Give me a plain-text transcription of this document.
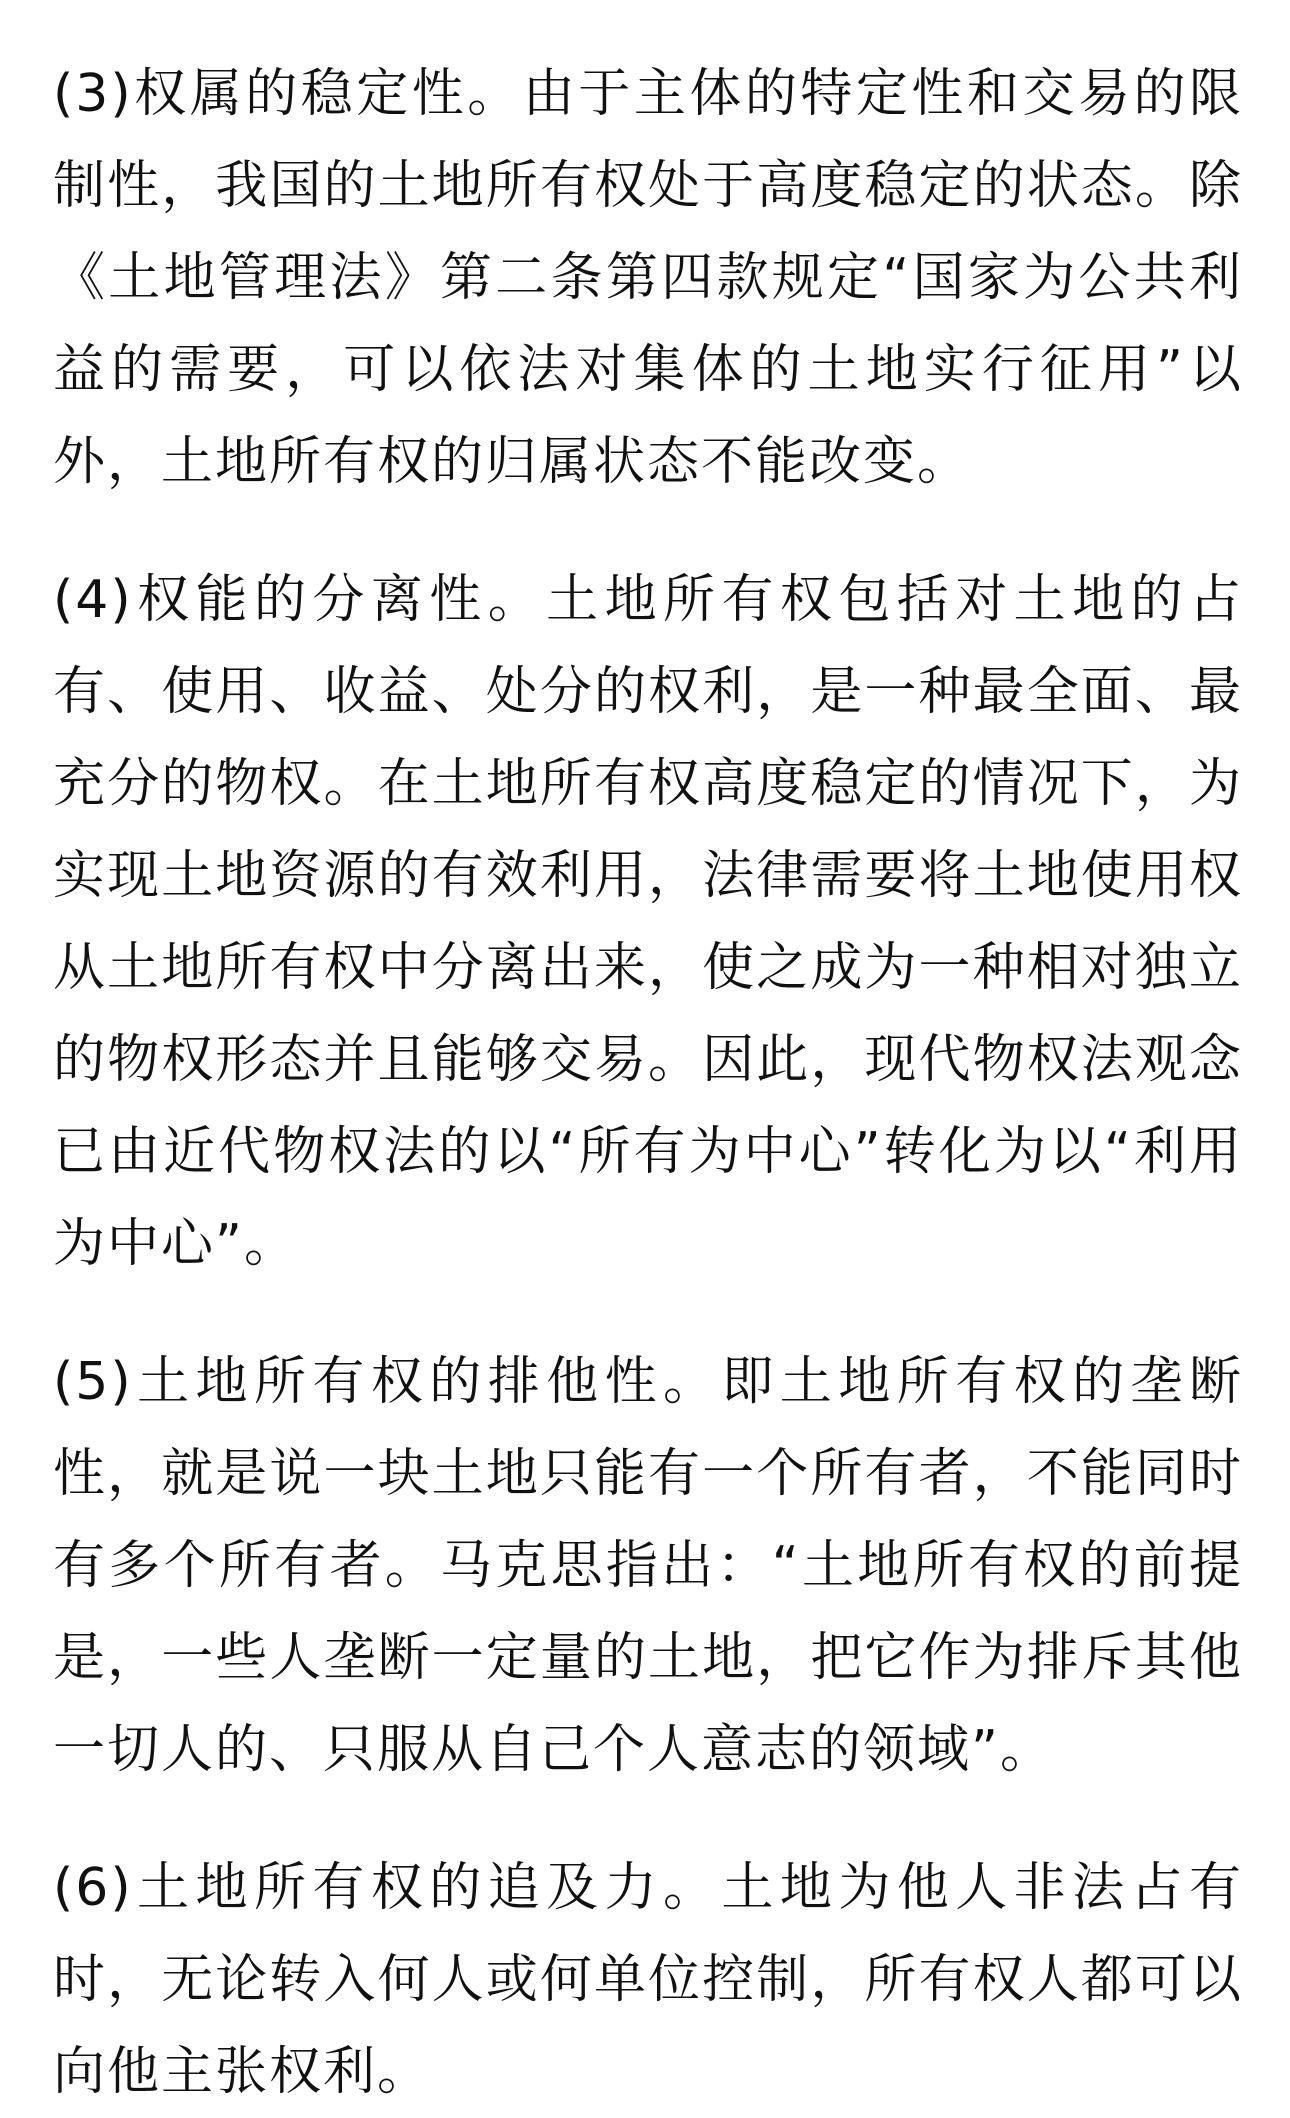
(3)权属的稳定性。由于主体的特定性和交易的限制性，我国的土地所有权处于高度稳定的状态。除《土地管理法》第二条第四款规定“国家为公共利益的需要，可以依法对集体的土地实行征用”以外，土地所有权的归属状态不能改变。

(4)权能的分离性。土地所有权包括对土地的占有、使用、收益、处分的权利，是一种最全面、最充分的物权。在土地所有权高度稳定的情况下，为实现土地资源的有效利用，法律需要将土地使用权从土地所有权中分离出来，使之成为一种相对独立的物权形态并且能够交易。因此，现代物权法观念已由近代物权法的以“所有为中心”转化为以“利用为中心”。

(5)土地所有权的排他性。即土地所有权的垄断性，就是说一块土地只能有一个所有者，不能同时有多个所有者。马克思指出：“土地所有权的前提是，一些人垄断一定量的土地，把它作为排斥其他一切人的、只服从自己个人意志的领域”。

(6)土地所有权的追及力。土地为他人非法占有时，无论转入何人或何单位控制，所有权人都可以向他主张权利。
